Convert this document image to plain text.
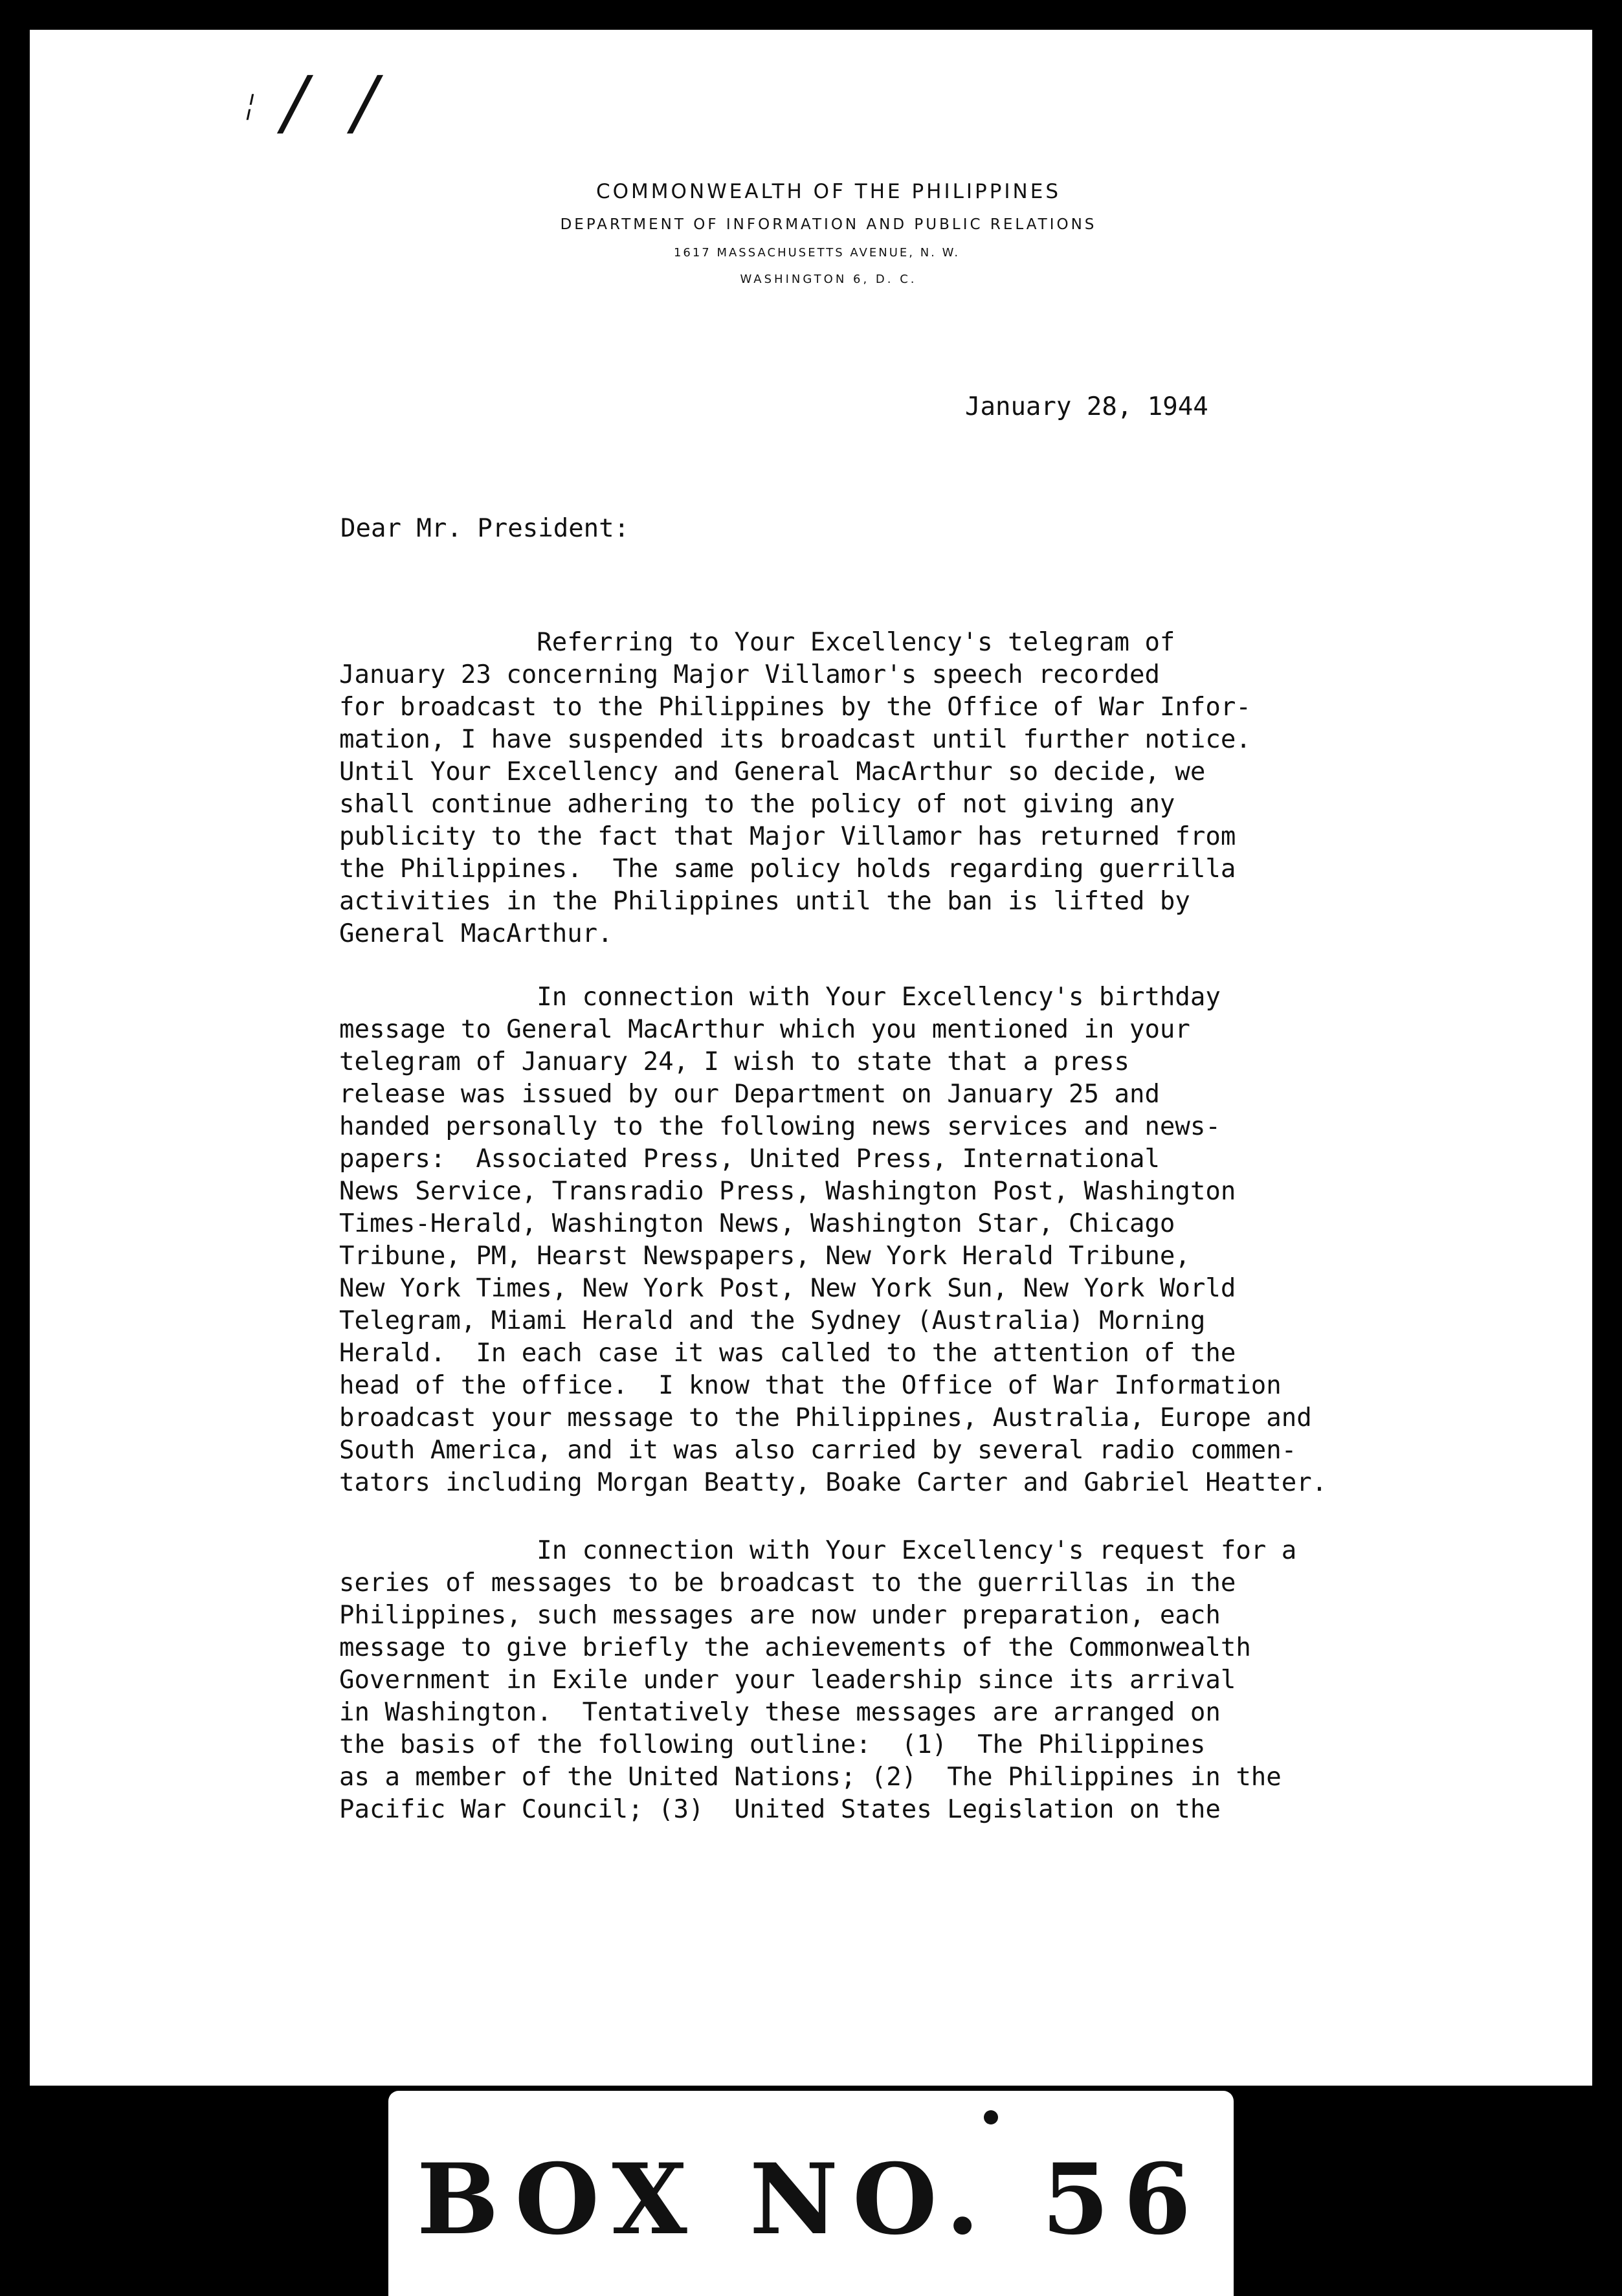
╎/ /
COMMONWEALTH OF THE PHILIPPINES
DEPARTMENT OF INFORMATION AND PUBLIC RELATIONS
1617 MASSACHUSETTS AVENUE, N. W.
WASHINGTON 6, D. C.
January 28, 1944
Dear Mr. President:

Referring to Your Excellency's telegram of
January 23 concerning Major Villamor's speech recorded
for broadcast to the Philippines by the Office of War Infor-
mation, I have suspended its broadcast until further notice.
Until Your Excellency and General MacArthur so decide, we
shall continue adhering to the policy of not giving any
publicity to the fact that Major Villamor has returned from
the Philippines.  The same policy holds regarding guerrilla
activities in the Philippines until the ban is lifted by
General MacArthur.

In connection with Your Excellency's birthday
message to General MacArthur which you mentioned in your
telegram of January 24, I wish to state that a press
release was issued by our Department on January 25 and
handed personally to the following news services and news-
papers:  Associated Press, United Press, International
News Service, Transradio Press, Washington Post, Washington
Times-Herald, Washington News, Washington Star, Chicago
Tribune, PM, Hearst Newspapers, New York Herald Tribune,
New York Times, New York Post, New York Sun, New York World
Telegram, Miami Herald and the Sydney (Australia) Morning
Herald.  In each case it was called to the attention of the
head of the office.  I know that the Office of War Information
broadcast your message to the Philippines, Australia, Europe and
South America, and it was also carried by several radio commen-
tators including Morgan Beatty, Boake Carter and Gabriel Heatter.

In connection with Your Excellency's request for a
series of messages to be broadcast to the guerrillas in the
Philippines, such messages are now under preparation, each
message to give briefly the achievements of the Commonwealth
Government in Exile under your leadership since its arrival
in Washington.  Tentatively these messages are arranged on
the basis of the following outline:  (1)  The Philippines
as a member of the United Nations; (2)  The Philippines in the
Pacific War Council; (3)  United States Legislation on the

BOX NO. 56
